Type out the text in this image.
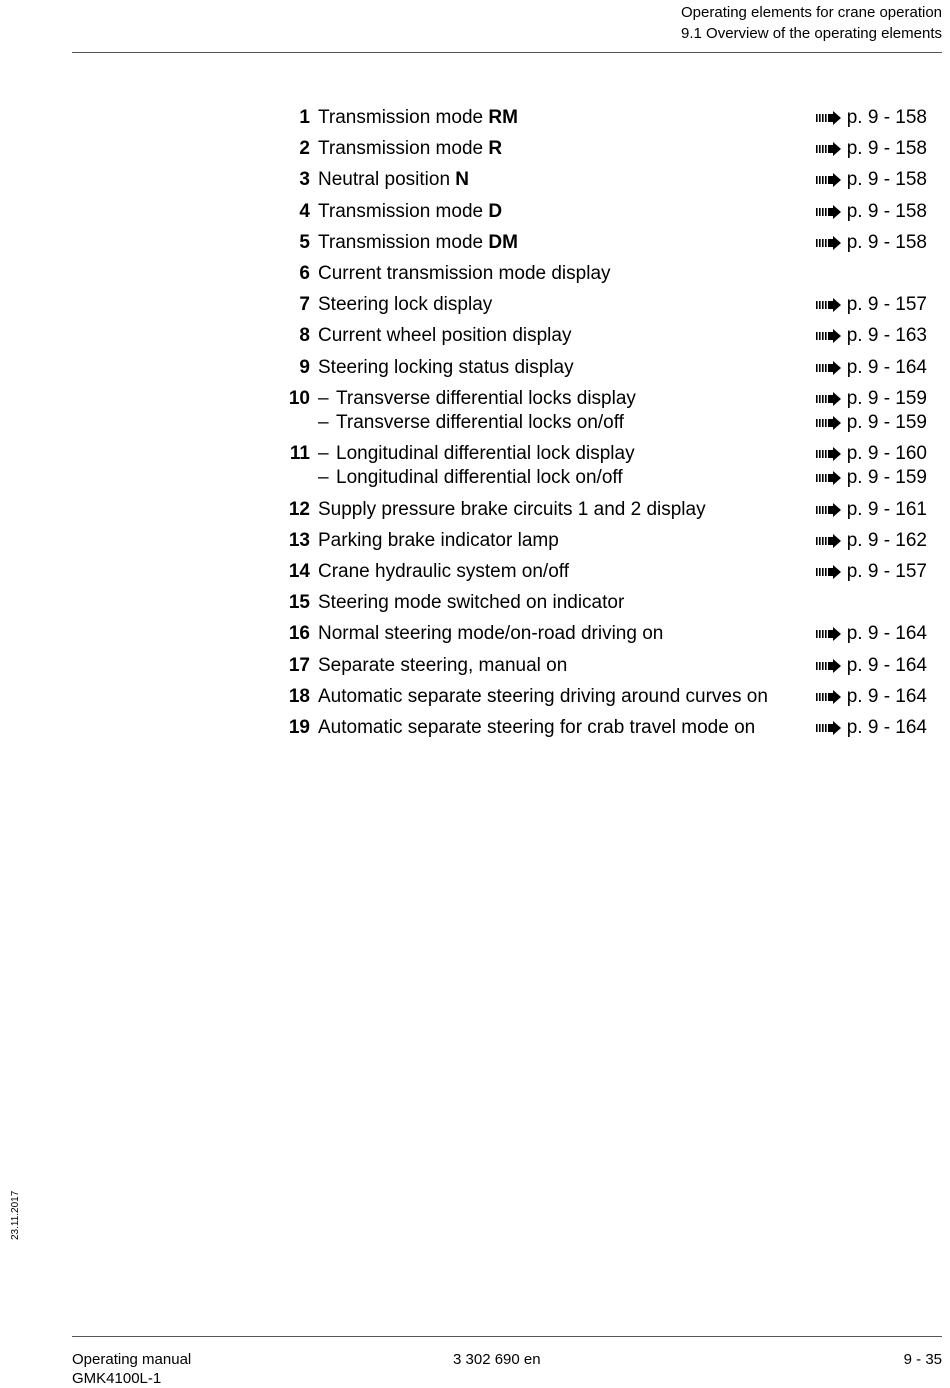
Operating elements for crane operation
9.1 Overview of the operating elements
1 Transmission mode RM	p. 9 - 158
2 Transmission mode R	p. 9 - 158
3 Neutral position N	p. 9 - 158
4 Transmission mode D	p. 9 - 158
5 Transmission mode DM	p. 9 - 158
6 Current transmission mode display
7 Steering lock display	p. 9 - 157
8 Current wheel position display	p. 9 - 163
9 Steering locking status display	p. 9 - 164
10 – Transverse differential locks display	p. 9 - 159
– Transverse differential locks on/off	p. 9 - 159
11 – Longitudinal differential lock display	p. 9 - 160
– Longitudinal differential lock on/off	p. 9 - 159
12 Supply pressure brake circuits 1 and 2 display	p. 9 - 161
13 Parking brake indicator lamp	p. 9 - 162
14 Crane hydraulic system on/off	p. 9 - 157
15 Steering mode switched on indicator
16 Normal steering mode/on-road driving on	p. 9 - 164
17 Separate steering, manual on	p. 9 - 164
18 Automatic separate steering driving around curves on	p. 9 - 164
19 Automatic separate steering for crab travel mode on	p. 9 - 164
23.11.2017
Operating manual
GMK4100L-1
3 302 690 en	9 - 35
